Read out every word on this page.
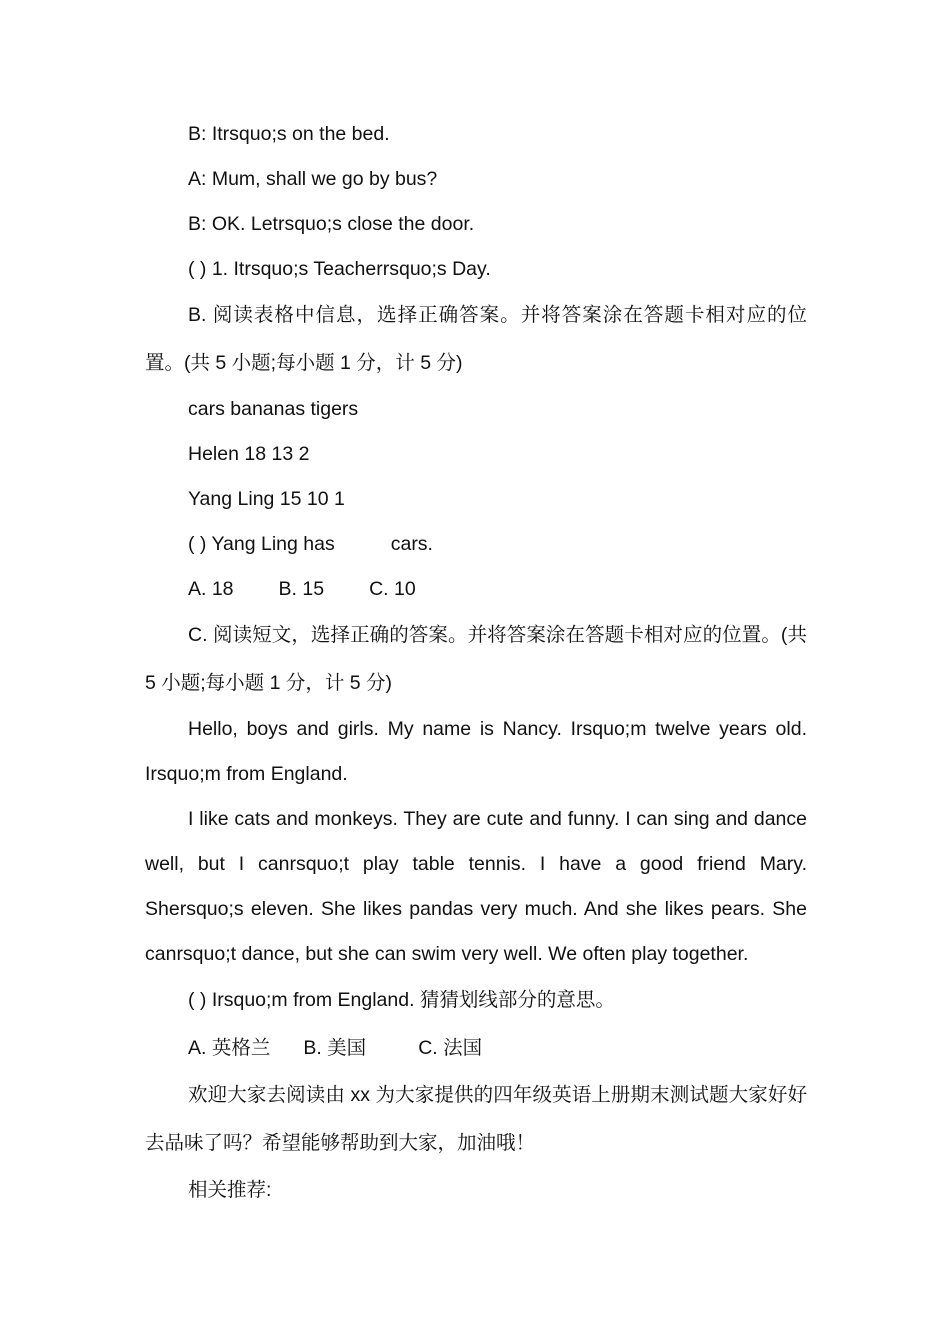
B: Itrsquo;s on the bed.

A: Mum, shall we go by bus?

B: OK. Letrsquo;s close the door.

( ) 1. Itrsquo;s Teacherrsquo;s Day.

B. 阅读表格中信息，选择正确答案。并将答案涂在答题卡相对应的位置。(共 5 小题;每小题 1 分，计 5 分)

cars bananas tigers

Helen 18 13 2

Yang Ling 15 10 1

( ) Yang Ling has	cars.

A. 18 B. 15 C. 10

C. 阅读短文，选择正确的答案。并将答案涂在答题卡相对应的位置。(共 5 小题;每小题 1 分，计 5 分)

Hello, boys and girls. My name is Nancy. Irsquo;m twelve years old. Irsquo;m from England.

I like cats and monkeys. They are cute and funny. I can sing and dance well, but I canrsquo;t play table tennis. I have a good friend Mary. Shersquo;s eleven. She likes pandas very much. And she likes pears. She canrsquo;t dance, but she can swim very well. We often play together.

( ) Irsquo;m from England. 猜猜划线部分的意思。

A. 英格兰 B. 美国	C. 法国

欢迎大家去阅读由 xx 为大家提供的四年级英语上册期末测试题大家好好去品味了吗？希望能够帮助到大家，加油哦！

相关推荐:
